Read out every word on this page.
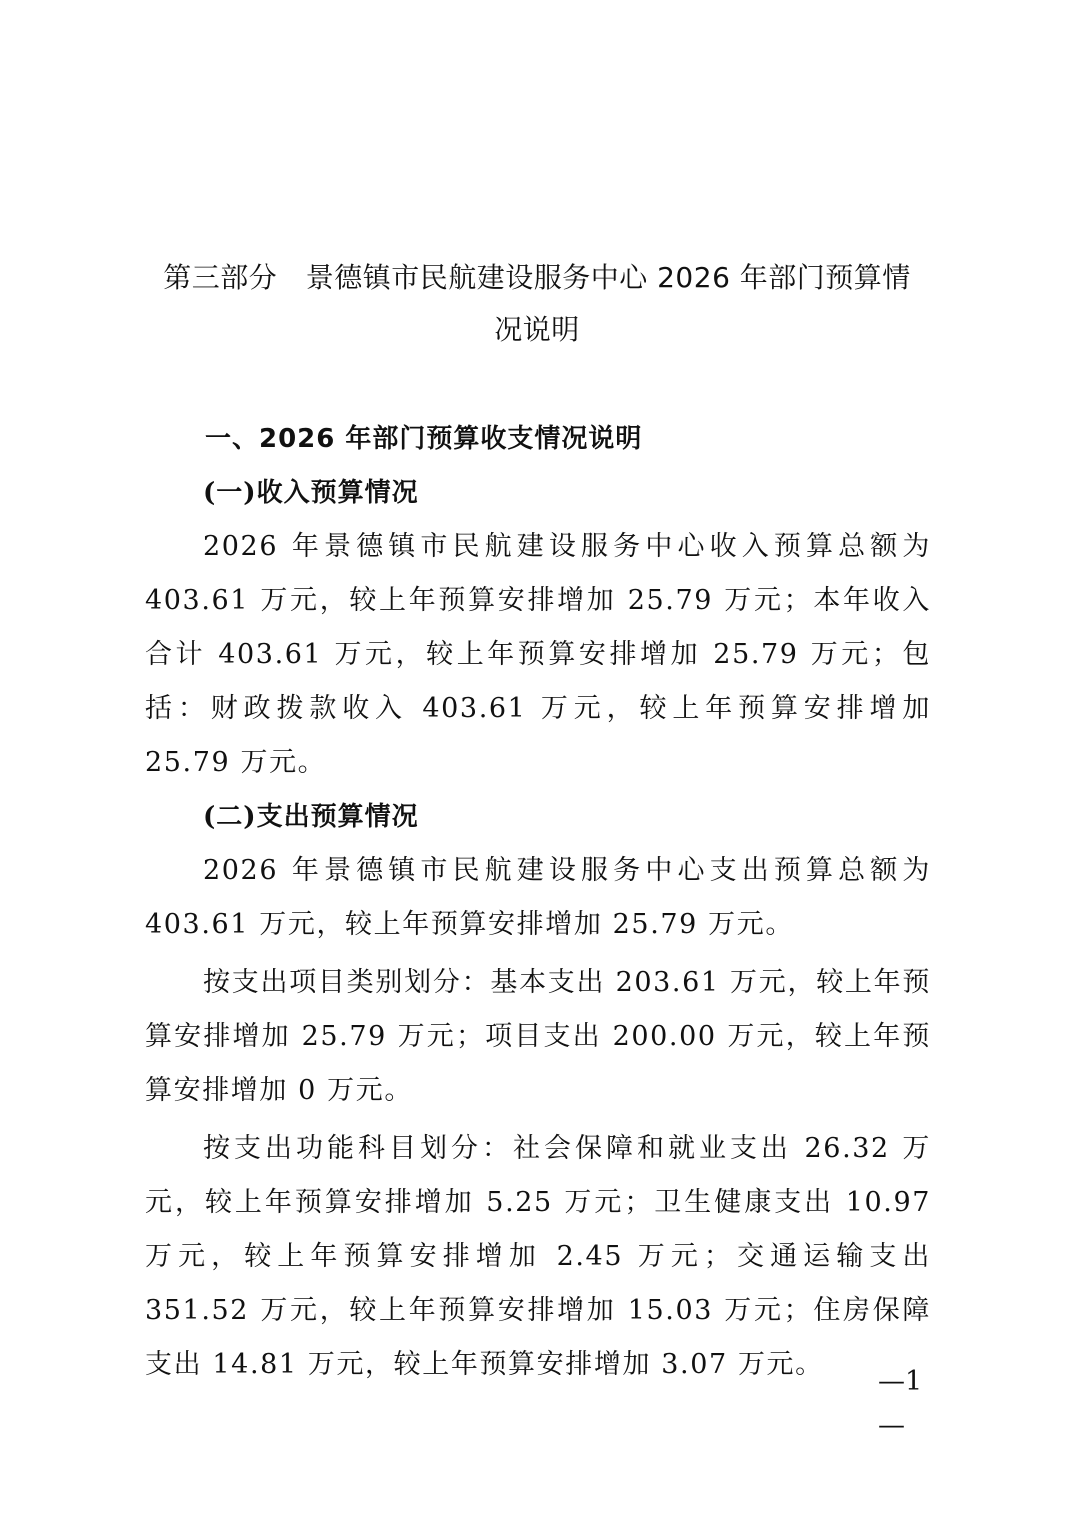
第三部分　景德镇市民航建设服务中心 2026 年部门预算情
况说明
一、2026 年部门预算收支情况说明
(一)收入预算情况

2026 年景德镇市民航建设服务中心收入预算总额为 403.61 万元，较上年预算安排增加 25.79 万元；本年收入合计 403.61 万元，较上年预算安排增加 25.79 万元；包括：财政拨款收入 403.61 万元，较上年预算安排增加 25.79 万元。

(二)支出预算情况

2026 年景德镇市民航建设服务中心支出预算总额为 403.61 万元，较上年预算安排增加 25.79 万元。

按支出项目类别划分：基本支出 203.61 万元，较上年预算安排增加 25.79 万元；项目支出 200.00 万元，较上年预算安排增加 0 万元。

按支出功能科目划分：社会保障和就业支出 26.32 万元，较上年预算安排增加 5.25 万元；卫生健康支出 10.97 万元，较上年预算安排增加 2.45 万元；交通运输支出 351.52 万元，较上年预算安排增加 15.03 万元；住房保障支出 14.81 万元，较上年预算安排增加 3.07 万元。

—1—
